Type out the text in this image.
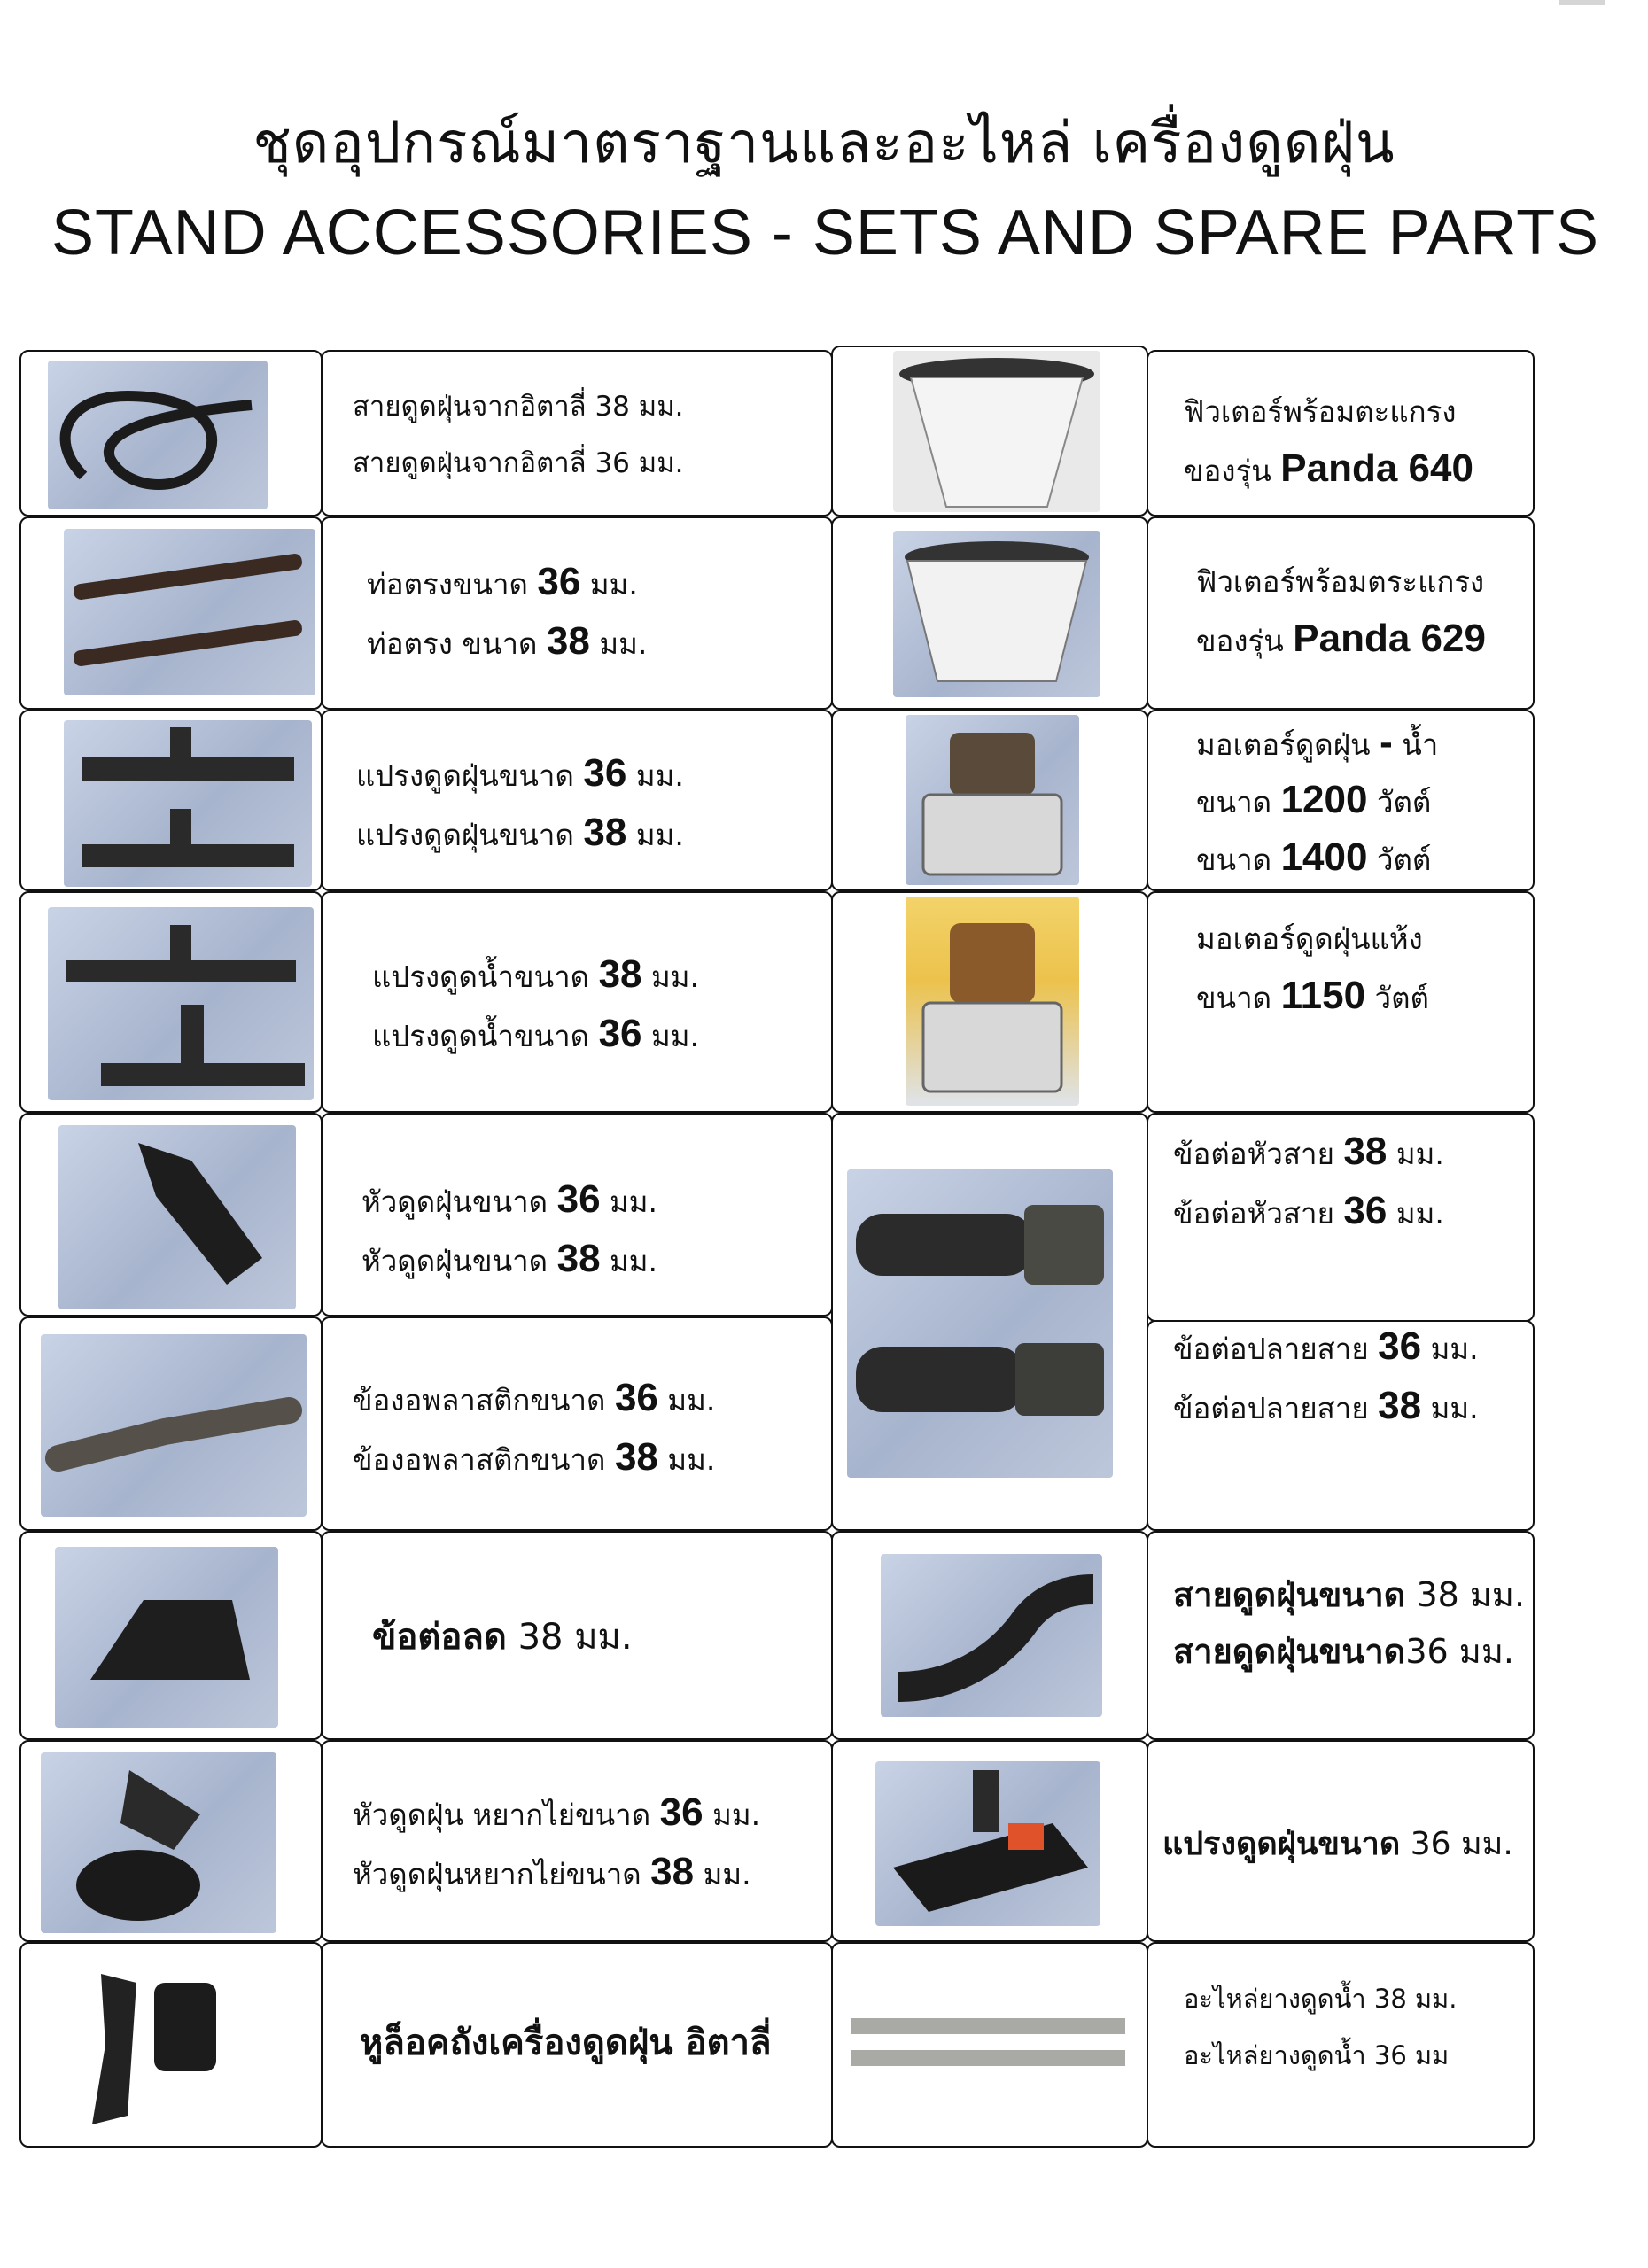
ชุดอุปกรณ์มาตราฐานและอะไหล่ เครื่องดูดฝุ่น
STAND ACCESSORIES - SETS AND SPARE PARTS
สายดูดฝุ่นจากอิตาลี่ 38 มม.
สายดูดฝุ่นจากอิตาลี่ 36 มม.
ท่อตรงขนาด 36 มม.
ท่อตรง ขนาด 38 มม.
แปรงดูดฝุ่นขนาด 36 มม.
แปรงดูดฝุ่นขนาด 38 มม.
แปรงดูดน้ำขนาด 38 มม.
แปรงดูดน้ำขนาด 36 มม.
หัวดูดฝุ่นขนาด 36 มม.
หัวดูดฝุ่นขนาด 38 มม.
ข้องอพลาสติกขนาด 36 มม.
ข้องอพลาสติกขนาด 38 มม.
ข้อต่อลด 38 มม.
หัวดูดฝุ่น หยากไย่ขนาด 36 มม.
หัวดูดฝุ่นหยากไย่ขนาด 38 มม.
หูล็อคถังเครื่องดูดฝุ่น อิตาลี่
ฟิวเตอร์พร้อมตะแกรง
ของรุ่น Panda 640
ฟิวเตอร์พร้อมตระแกรง
ของรุ่น Panda 629
มอเตอร์ดูดฝุ่น - น้ำ
ขนาด 1200 วัตต์
ขนาด 1400 วัตต์
มอเตอร์ดูดฝุ่นแห้ง
ขนาด 1150 วัตต์
ข้อต่อหัวสาย 38 มม.
ข้อต่อหัวสาย 36 มม.
ข้อต่อปลายสาย 36 มม.
ข้อต่อปลายสาย 38 มม.
สายดูดฝุ่นขนาด 38 มม.
สายดูดฝุ่นขนาด36 มม.
แปรงดูดฝุ่นขนาด 36 มม.
อะไหล่ยางดูดน้ำ 38 มม.
อะไหล่ยางดูดน้ำ 36 มม
